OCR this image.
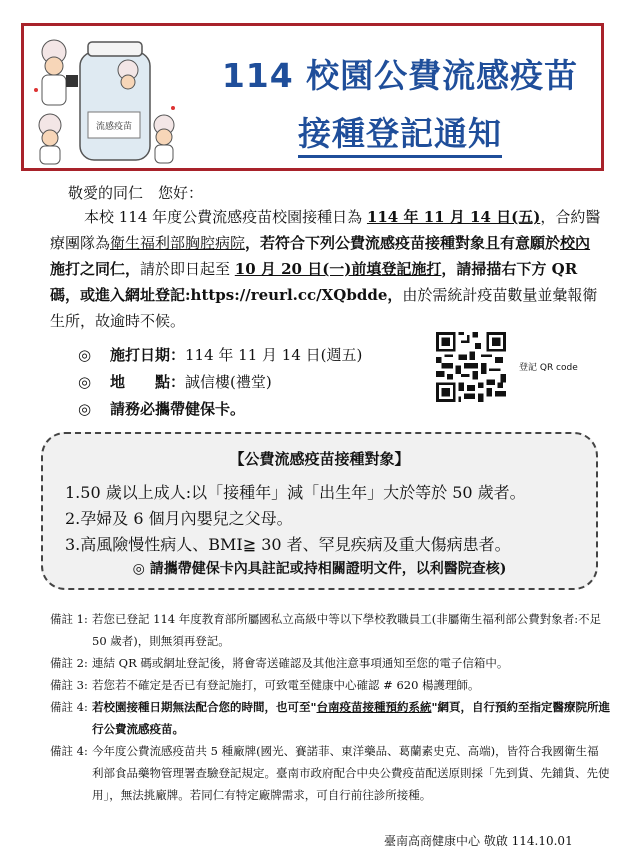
流感疫苗
114 校園公費流感疫苗
接種登記通知
敬愛的同仁　您好：
本校 114 年度公費流感疫苗校園接種日為 114 年 11 月 14 日(五)，合約醫療團隊為衛生福利部胸腔病院，若符合下列公費流感疫苗接種對象且有意願於校內施打之同仁，請於即日起至 10 月 20 日(一)前填登記施打，請掃描右下方 QR 碼，或進入網址登記:https://reurl.cc/XQbdde，由於需統計疫苗數量並彙報衛生所，故逾時不候。
◎ 施打日期：114 年 11 月 14 日(週五)
◎ 地　　點：誠信樓(禮堂)
◎ 請務必攜帶健保卡。
登記 QR code
【公費流感疫苗接種對象】
1.50 歲以上成人:以「接種年」減「出生年」大於等於 50 歲者。
2.孕婦及 6 個月內嬰兒之父母。
3.高風險慢性病人、BMI≧ 30 者、罕見疾病及重大傷病患者。
◎ 請攜帶健保卡內具註記或持相關證明文件，以利醫院查核)
備註 1: 若您已登記 114 年度教育部所屬國私立高級中等以下學校教職員工(非屬衛生福利部公費對象者:不足 50 歲者)，則無須再登記。
備註 2: 連結 QR 碼或網址登記後，將會寄送確認及其他注意事項通知至您的電子信箱中。
備註 3: 若您若不確定是否已有登記施打，可致電至健康中心確認 # 620 楊護理師。
備註 4: 若校園接種日期無法配合您的時間，也可至"台南疫苗接種預約系統"網頁，自行預約至指定醫療院所進行公費流感疫苗。
備註 4: 今年度公費流感疫苗共 5 種廠牌(國光、賽諾菲、東洋藥品、葛蘭素史克、高端)，皆符合我國衛生福利部食品藥物管理署查驗登記規定。臺南市政府配合中央公費疫苗配送原則採「先到貨、先鋪貨、先使用」，無法挑廠牌。若同仁有特定廠牌需求，可自行前往診所接種。
臺南高商健康中心 敬啟 114.10.01
